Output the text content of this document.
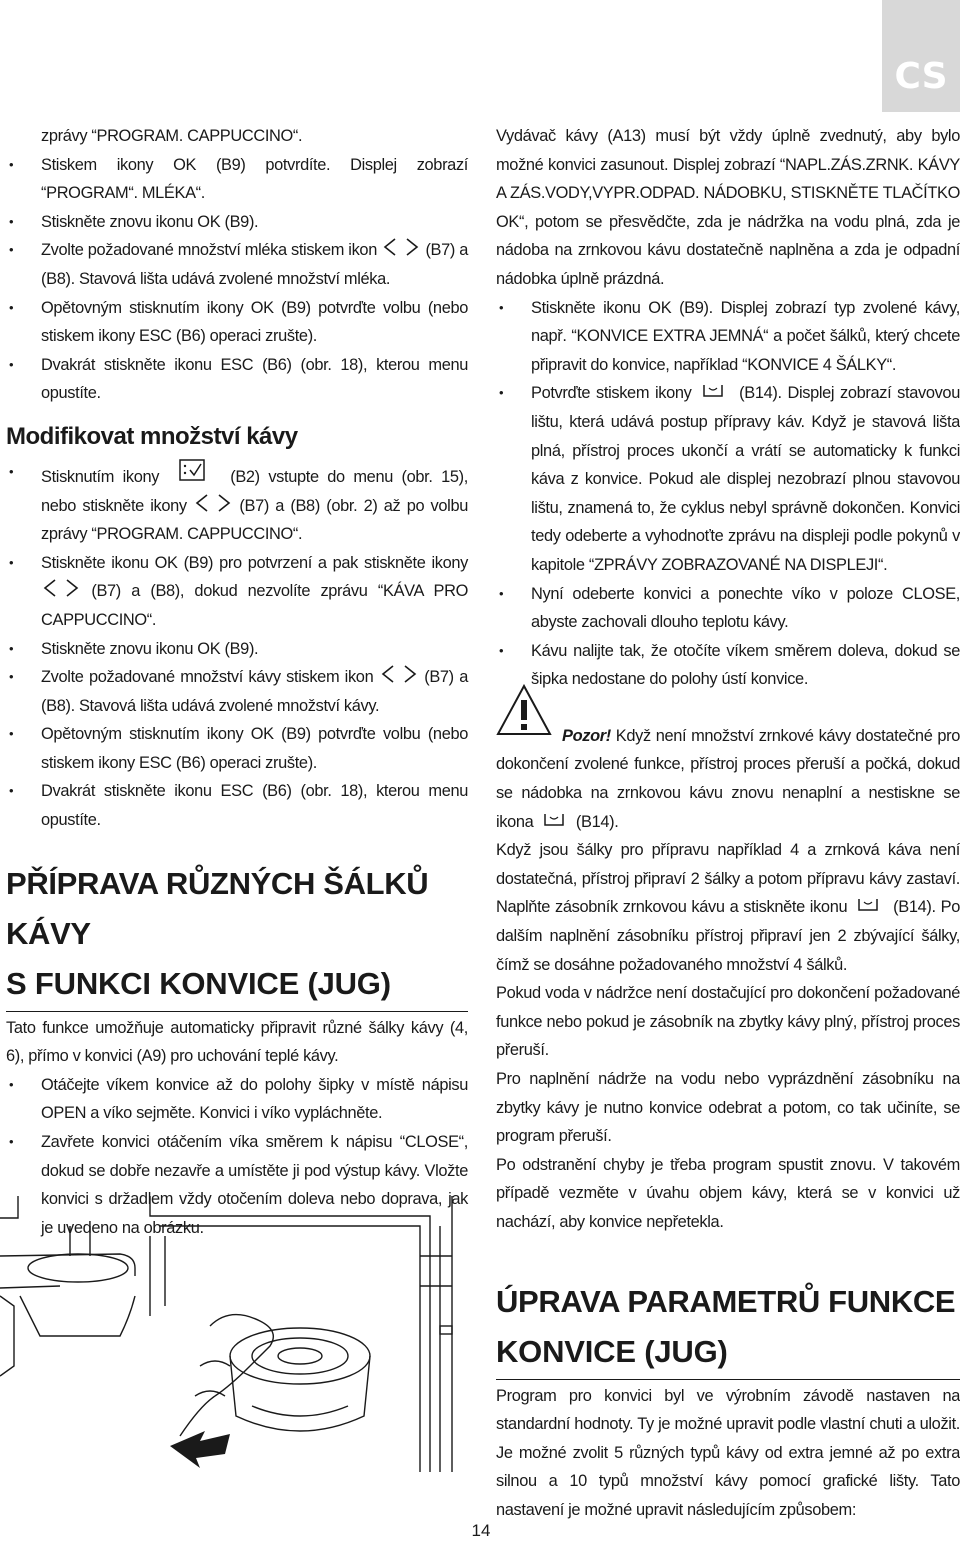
CS

zprávy “PROGRAM. CAPPUCCINO“.

• Stiskem ikony OK (B9) potvrdíte. Displej zobrazí “PROGRAM“. MLÉKA“.
• Stiskněte znovu ikonu OK (B9).
• Zvolte požadované množství mléka stiskem ikon	(B7) a (B8). Stavová lišta udává zvolené množství mléka.
• Opětovným stisknutím ikony OK (B9) potvrďte volbu (nebo stiskem ikony ESC (B6) operaci zrušte).
• Dvakrát stiskněte ikonu ESC (B6) (obr. 18), kterou menu opustíte.
Modifikovat množství kávy
• Stisknutím ikony	(B2) vstupte do menu (obr. 15), nebo stiskněte ikony	(B7) a (B8) (obr. 2) až po volbu zprávy “PROGRAM. CAPPUCCINO“.
• Stiskněte ikonu OK (B9) pro potvrzení a pak stiskněte ikony  (B7) a (B8), dokud nezvolíte zprávu “KÁVA PRO CAPPUCCINO“.
• Stiskněte znovu ikonu OK (B9).
• Zvolte požadované množství kávy stiskem ikon	(B7) a (B8). Stavová lišta udává zvolené množství kávy.
• Opětovným stisknutím ikony OK (B9) potvrďte volbu (nebo stiskem ikony ESC (B6) operaci zrušte).
• Dvakrát stiskněte ikonu ESC (B6) (obr. 18), kterou menu opustíte.
PŘÍPRAVA RŮZNÝCH ŠÁLKŮ KÁVY
S FUNKCI KONVICE (JUG)

Tato funkce umožňuje automaticky připravit různé šálky kávy (4, 6), přímo v konvici (A9) pro uchování teplé kávy.

• Otáčejte víkem konvice až do polohy šipky v místě nápisu OPEN a víko sejměte. Konvici i víko vypláchněte.
• Zavřete konvici otáčením víka směrem k nápisu “CLOSE“, dokud se dobře nezavře a umístěte ji pod výstup kávy. Vložte konvici s držadlem vždy otočením doleva nebo doprava, jak je uvedeno na obrázku.

Vydávač kávy (A13) musí být vždy úplně zvednutý, aby bylo možné konvici zasunout. Displej zobrazí “NAPL.ZÁS.ZRNK. KÁVY A ZÁS.VODY,VYPR.ODPAD. NÁDOBKU, STISKNĚTE TLAČÍTKO OK“, potom se přesvědčte, zda je nádržka na vodu plná, zda je nádoba na zrnkovou kávu dostatečně naplněna a zda je odpadní nádobka úplně prázdná.

• Stiskněte ikonu OK (B9). Displej zobrazí typ zvolené kávy, např. “KONVICE EXTRA JEMNÁ“ a počet šálků, který chcete připravit do konvice, například “KONVICE 4 ŠÁLKY“.
• Potvrďte stiskem ikony	(B14). Displej zobrazí stavovou lištu, která udává postup přípravy káv. Když je stavová lišta plná, přístroj proces ukončí a vrátí se automaticky k funkci káva z konvice. Pokud ale displej nezobrazí plnou stavovou lištu, znamená to, že cyklus nebyl správně dokončen. Konvici tedy odeberte a vyhodnoťte zprávu na displeji podle pokynů v kapitole “ZPRÁVY ZOBRAZOVANÉ NA DISPLEJI“.
• Nyní odeberte konvici a ponechte víko v poloze CLOSE, abyste zachovali dlouho teplotu kávy.
• Kávu nalijte tak, že otočíte víkem směrem doleva, dokud se šipka nedostane do polohy ústí konvice.

Pozor! Když není množství zrnkové kávy dostatečné pro dokončení zvolené funkce, přístroj proces přeruší a počká, dokud se nádobka na zrnkovou kávu znovu nenaplní a nestiskne se ikona	(B14).

Když jsou šálky pro přípravu například 4 a zrnková káva není dostatečná, přístroj připraví 2 šálky a potom přípravu kávy zastaví. Naplňte zásobník zrnkovou kávu a stiskněte ikonu	(B14). Po dalším naplnění zásobníku přístroj připraví jen 2 zbývající šálky, čímž se dosáhne požadovaného množství 4 šálků.

Pokud voda v nádržce není dostačující pro dokončení požadované funkce nebo pokud je zásobník na zbytky kávy plný, přístroj proces přeruší.

Pro naplnění nádrže na vodu nebo vyprázdnění zásobníku na zbytky kávy je nutno konvice odebrat a potom, co tak učiníte, se program přeruší.

Po odstranění chyby je třeba program spustit znovu. V takovém případě vezměte v úvahu objem kávy, která se v konvici už nachází, aby konvice nepřetekla.

ÚPRAVA PARAMETRŮ FUNKCE
KONVICE (JUG)

Program pro konvici byl ve výrobním závodě nastaven na standardní hodnoty. Ty je možné upravit podle vlastní chuti a uložit. Je možné zvolit 5 různých typů kávy od extra jemné až po extra silnou a 10 typů množství kávy pomocí grafické lišty. Tato nastavení je možné upravit následujícím způsobem:

14
